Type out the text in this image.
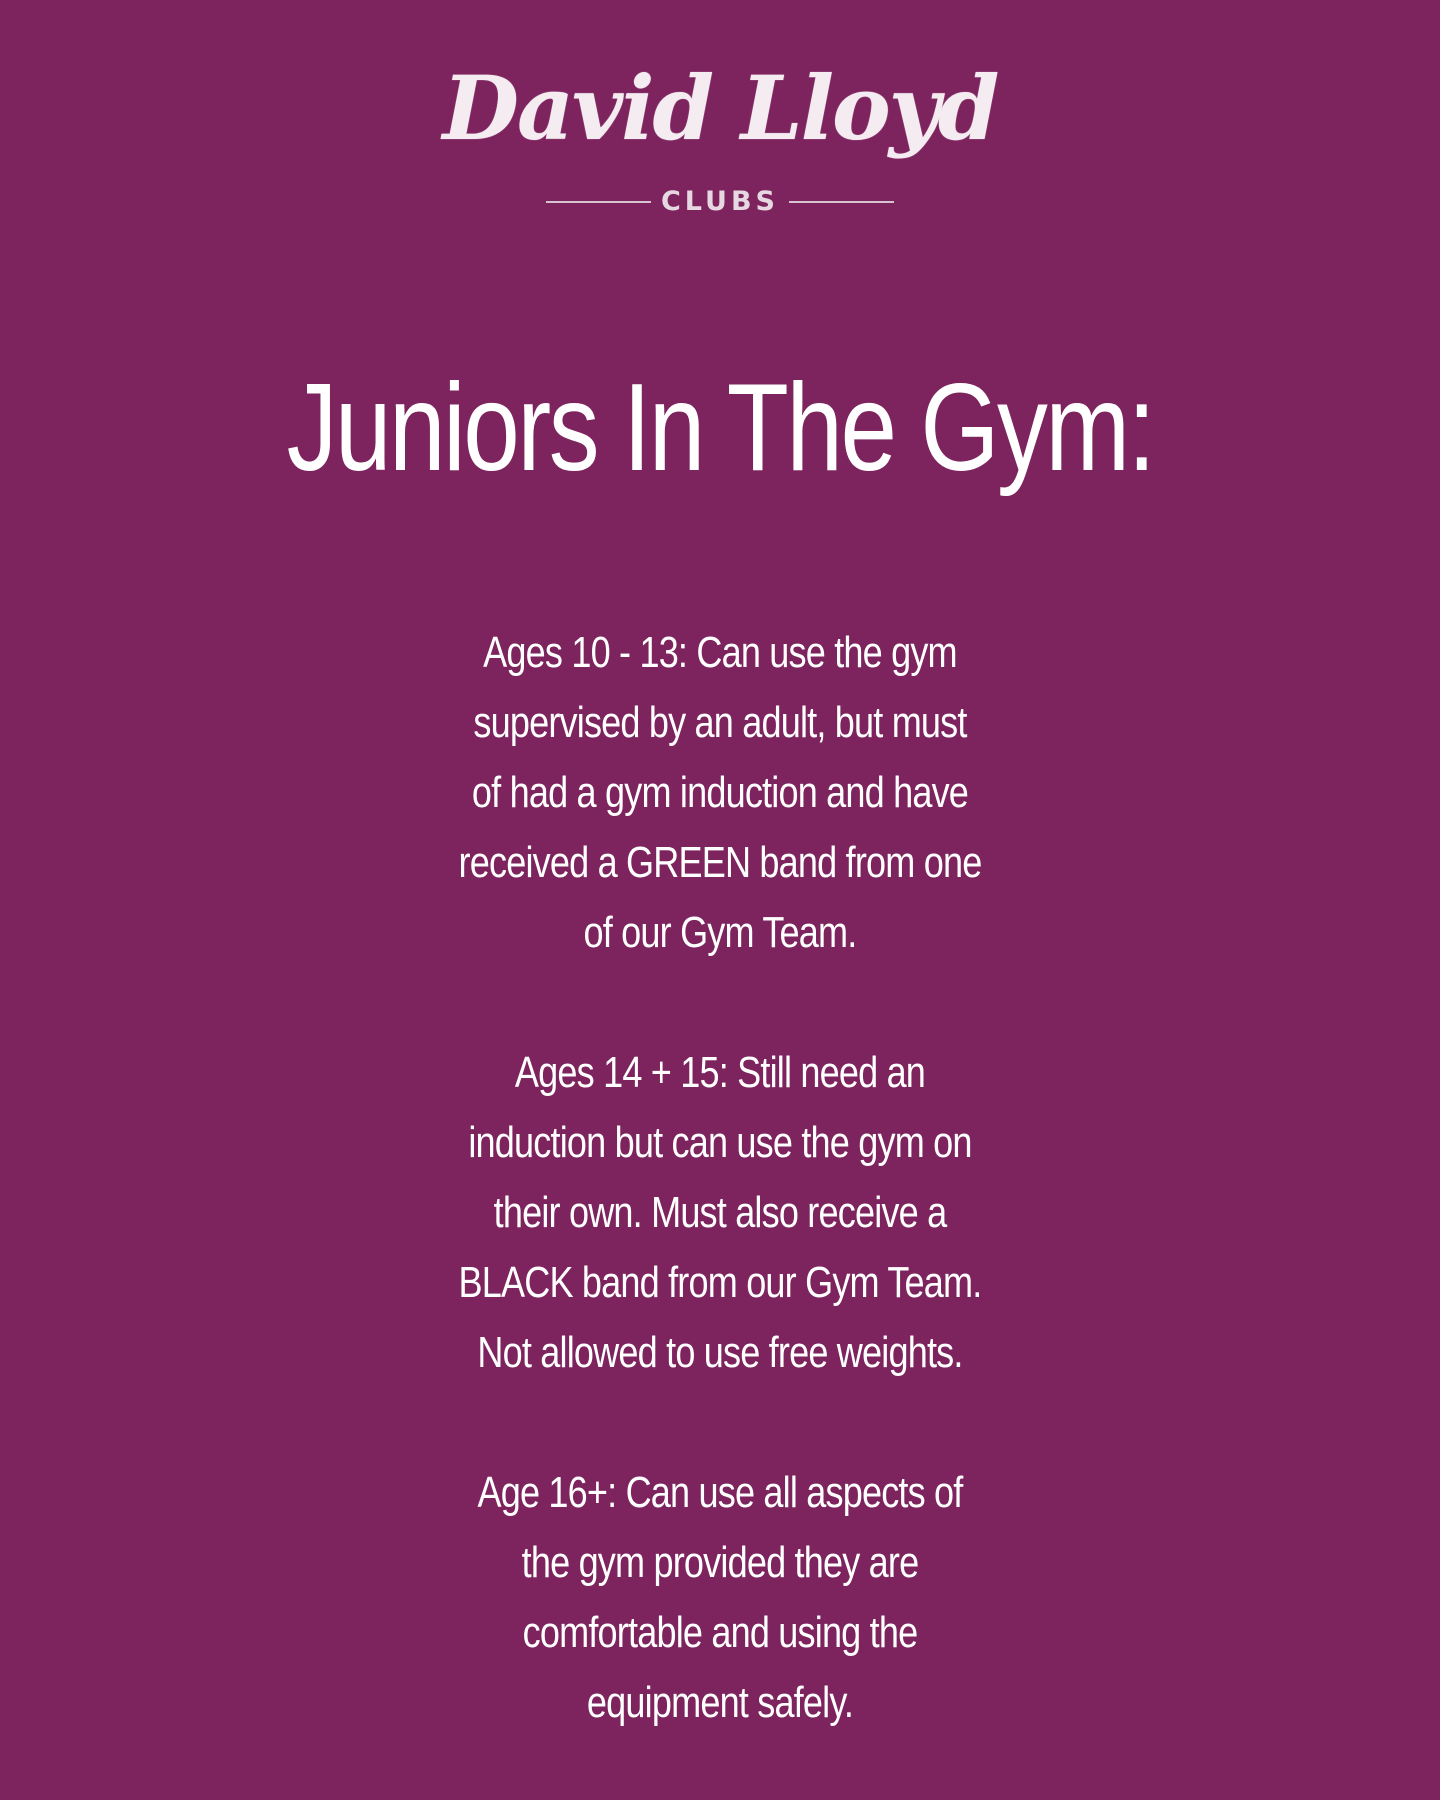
David Lloyd
CLUBS
Juniors In The Gym:
Ages 10 - 13: Can use the gym
supervised by an adult, but must
of had a gym induction and have
received a GREEN band from one
of our Gym Team.
Ages 14 + 15: Still need an
induction but can use the gym on
their own. Must also receive a
BLACK band from our Gym Team.
Not allowed to use free weights.
Age 16+: Can use all aspects of
the gym provided they are
comfortable and using the
equipment safely.
